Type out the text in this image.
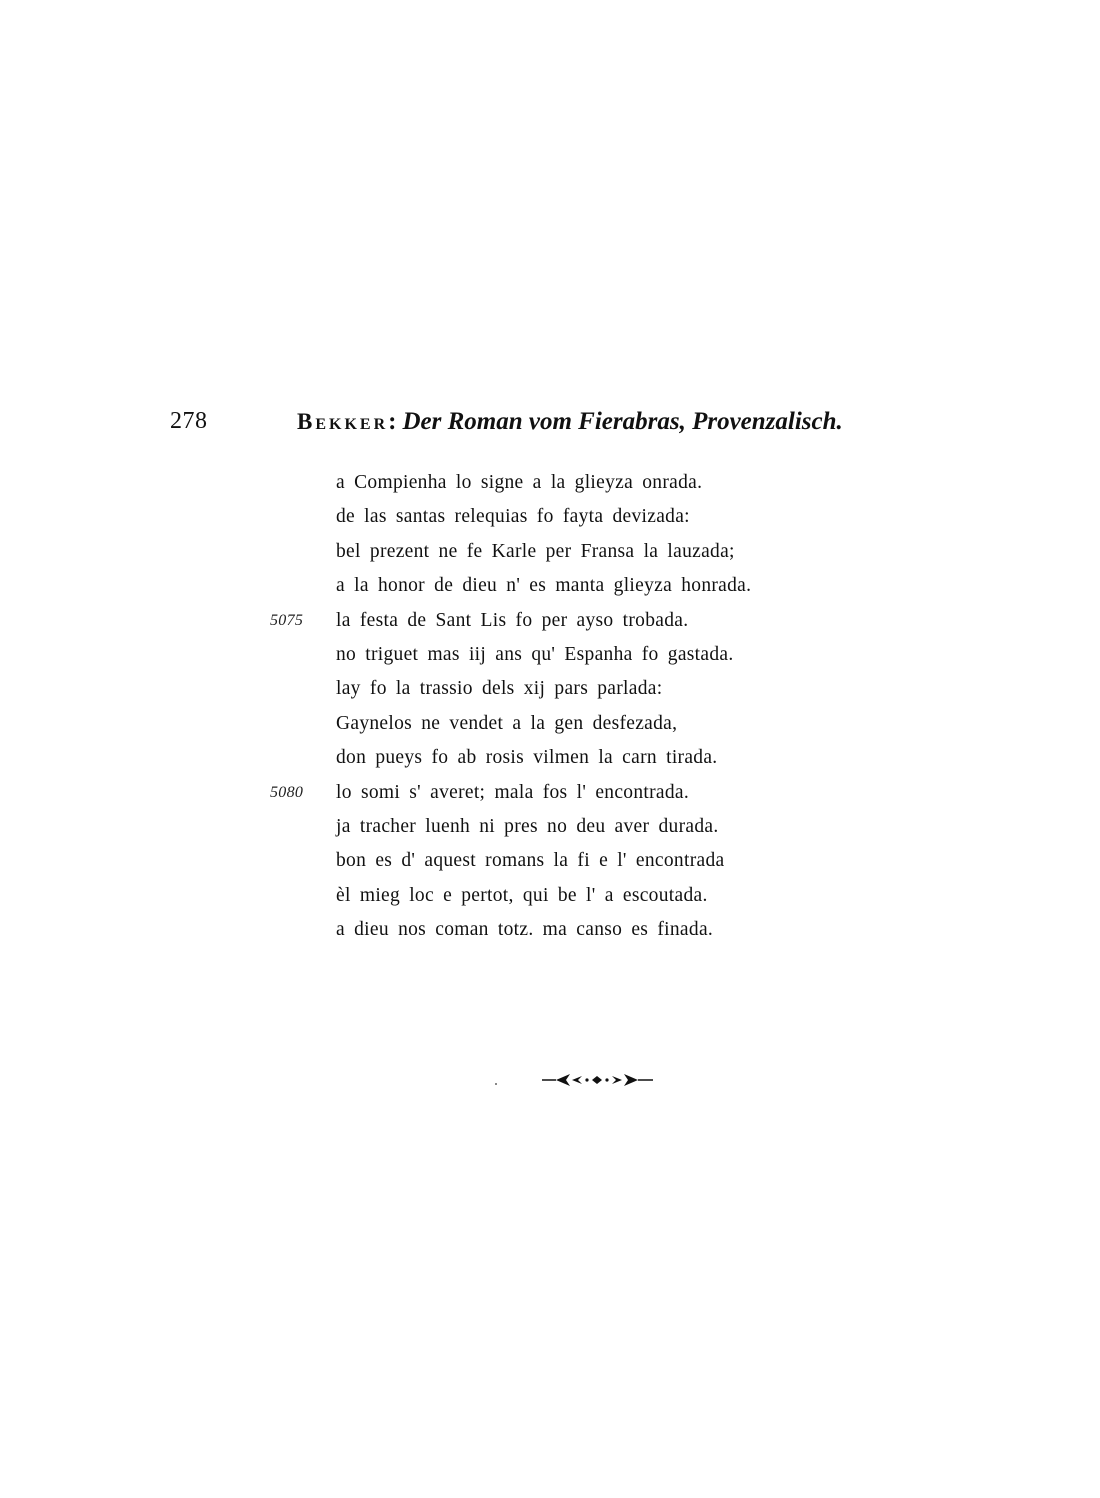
278	Bekker: Der Roman vom Fierabras, Provenzalisch.
a Compienha lo signe a la glieyza onrada.
de las santas relequias fo fayta devizada:
bel prezent ne fe Karle per Fransa la lauzada;
a la honor de dieu n' es manta glieyza honrada.
5075	la festa de Sant Lis fo per ayso trobada.
no triguet mas iij ans qu' Espanha fo gastada.
lay fo la trassio dels xij pars parlada:
Gaynelos ne vendet a la gen desfezada,
don pueys fo ab rosis vilmen la carn tirada.
5080	lo somi s' averet; mala fos l' encontrada.
ja tracher luenh ni pres no deu aver durada.
bon es d' aquest romans la fi e l' encontrada
èl mieg loc e pertot, qui be l' a escoutada.
a dieu nos coman totz. ma canso es finada.
